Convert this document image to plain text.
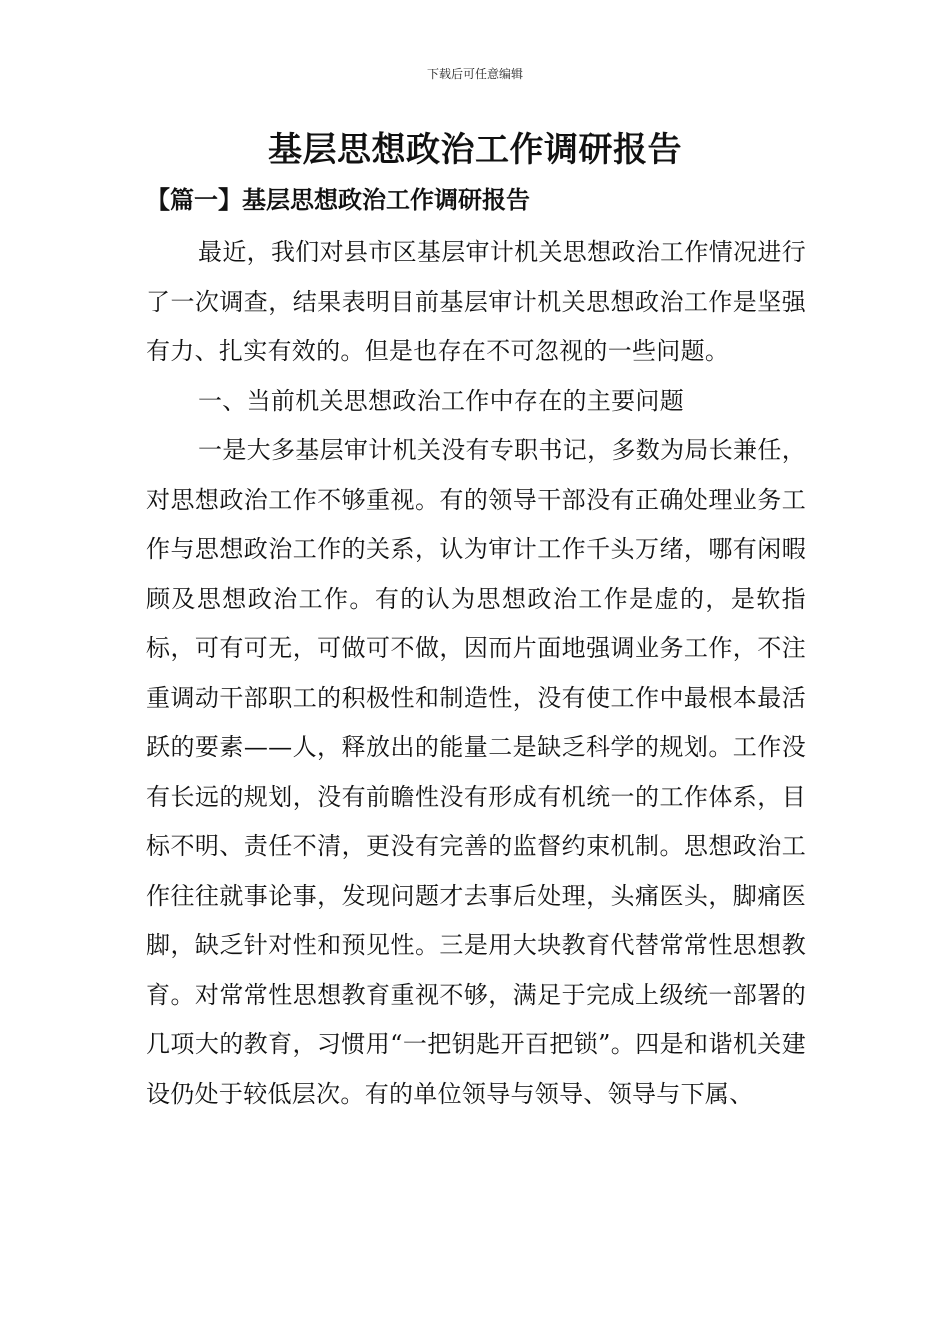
下载后可任意编辑
基层思想政治工作调研报告
【篇一】基层思想政治工作调研报告

最近，我们对县市区基层审计机关思想政治工作情况进行了一次调查，结果表明目前基层审计机关思想政治工作是坚强有力、扎实有效的。但是也存在不可忽视的一些问题。

一、当前机关思想政治工作中存在的主要问题

一是大多基层审计机关没有专职书记，多数为局长兼任，对思想政治工作不够重视。有的领导干部没有正确处理业务工作与思想政治工作的关系，认为审计工作千头万绪，哪有闲暇顾及思想政治工作。有的认为思想政治工作是虚的，是软指标，可有可无，可做可不做，因而片面地强调业务工作，不注重调动干部职工的积极性和制造性，没有使工作中最根本最活跃的要素——人，释放出的能量二是缺乏科学的规划。工作没有长远的规划，没有前瞻性没有形成有机统一的工作体系，目标不明、责任不清，更没有完善的监督约束机制。思想政治工作往往就事论事，发现问题才去事后处理，头痛医头，脚痛医脚，缺乏针对性和预见性。三是用大块教育代替常常性思想教育。对常常性思想教育重视不够，满足于完成上级统一部署的几项大的教育，习惯用“一把钥匙开百把锁”。四是和谐机关建设仍处于较低层次。有的单位领导与领导、领导与下属、
